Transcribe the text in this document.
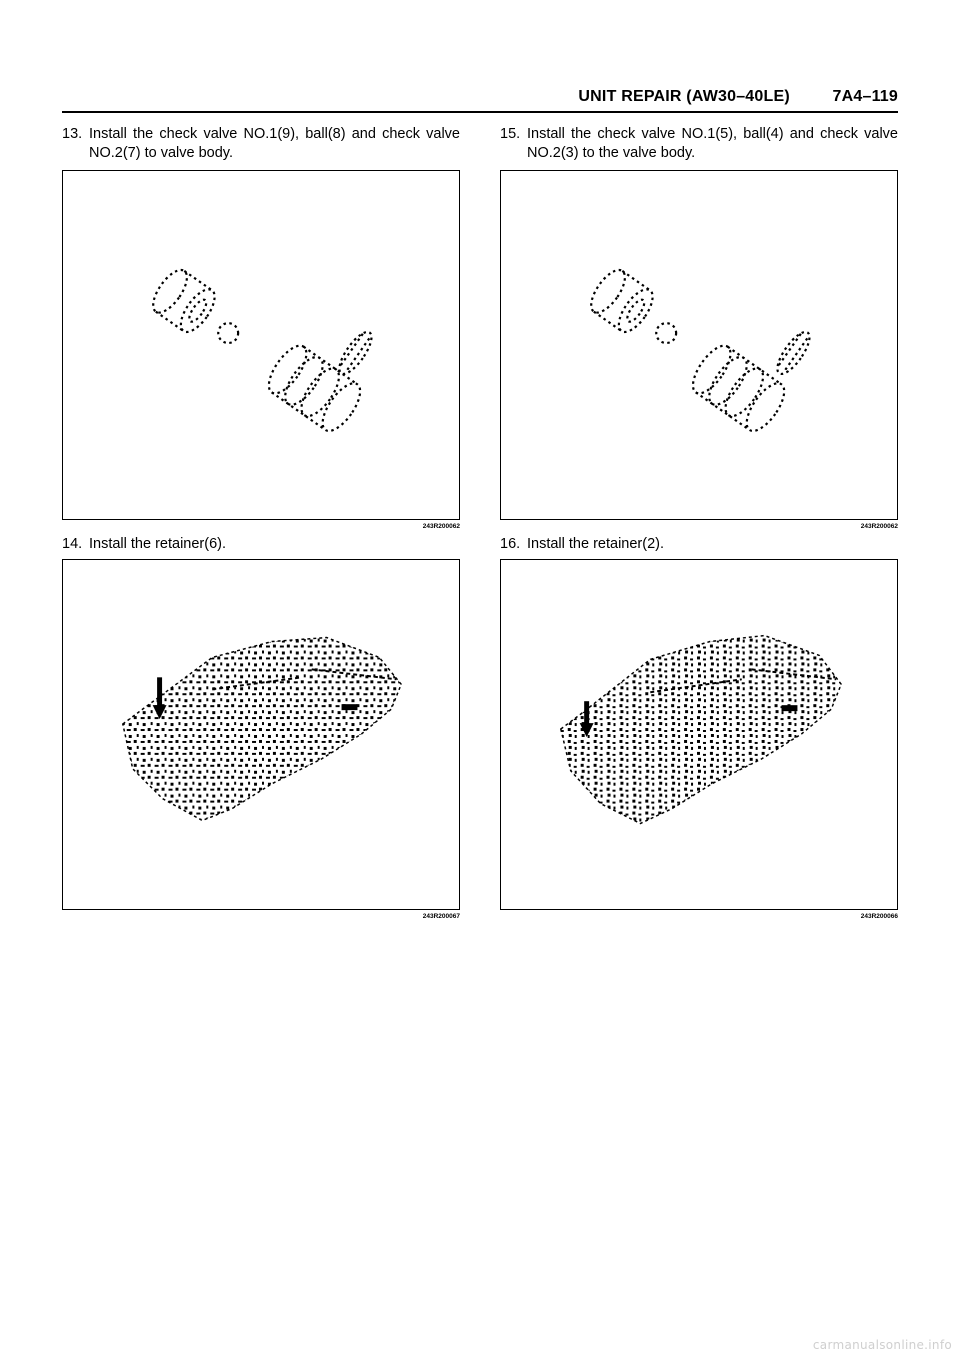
UNIT REPAIR (AW30–40LE)	7A4–119
13. Install the check valve NO.1(9), ball(8) and check valve NO.2(7) to valve body.
243R200062
14. Install the retainer(6).
243R200067
15. Install the check valve NO.1(5), ball(4) and check valve NO.2(3) to the valve body.
243R200062
16. Install the retainer(2).
243R200066
carmanualsonline.info
